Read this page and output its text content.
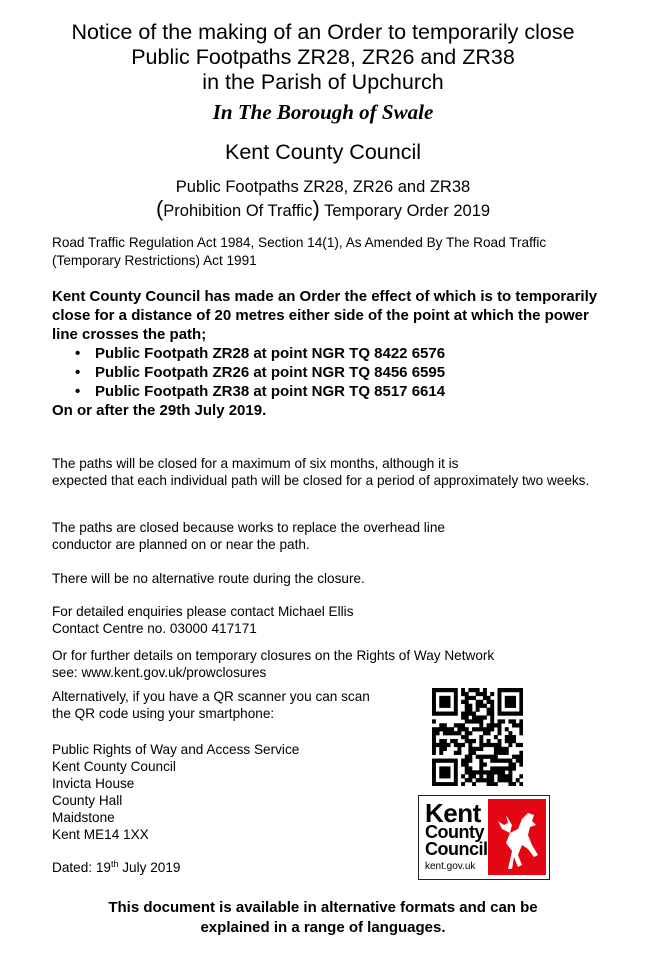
Notice of the making of an Order to temporarily close
Public Footpaths ZR28, ZR26 and ZR38
in the Parish of Upchurch
In The Borough of Swale
Kent County Council
Public Footpaths ZR28, ZR26 and ZR38
(Prohibition Of Traffic) Temporary Order 2019
Road Traffic Regulation Act 1984, Section 14(1), As Amended By The Road Traffic (Temporary Restrictions) Act 1991
Kent County Council has made an Order the effect of which is to temporarily close for a distance of 20 metres either side of the point at which the power line crosses the path;
• Public Footpath ZR28 at point NGR TQ 8422 6576
• Public Footpath ZR26 at point NGR TQ 8456 6595
• Public Footpath ZR38 at point NGR TQ 8517 6614
On or after the 29th July 2019.
The paths will be closed for a maximum of six months, although it is
expected that each individual path will be closed for a period of approximately two weeks.
The paths are closed because works to replace the overhead line
conductor are planned on or near the path.
There will be no alternative route during the closure.
For detailed enquiries please contact Michael Ellis
Contact Centre no. 03000 417171
Or for further details on temporary closures on the Rights of Way Network
see: www.kent.gov.uk/prowclosures
Alternatively, if you have a QR scanner you can scan
the QR code using your smartphone:
Public Rights of Way and Access Service
Kent County Council
Invicta House
County Hall
Maidstone
Kent ME14 1XX
Dated: 19th July 2019
Kent
County
Council
kent.gov.uk
This document is available in alternative formats and can be
explained in a range of languages.
